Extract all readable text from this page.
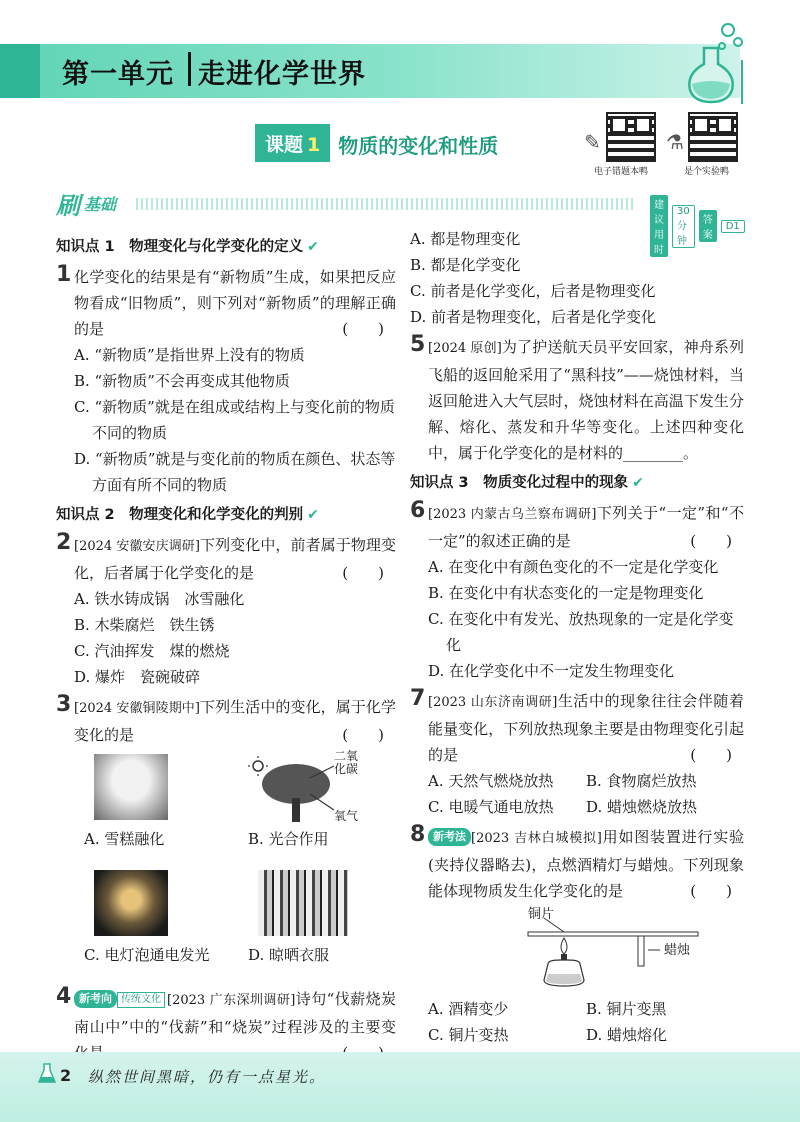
第一单元 走进化学世界
课题 1 物质的变化和性质	✎
电子错题本鸭
⚗
是个实验鸭
刷 基础	建议用时
30 分钟
答案
D1
知识点 1　物理变化与化学变化的定义 ✔
1 化学变化的结果是有“新物质”生成，如果把反应物看成“旧物质”，则下列对“新物质”的理解正确的是	(　　)
A. “新物质”是指世界上没有的物质
B. “新物质”不会再变成其他物质
C. “新物质”就是在组成或结构上与变化前的物质不同的物质
D. “新物质”就是与变化前的物质在颜色、状态等方面有所不同的物质
知识点 2　物理变化和化学变化的判别 ✔
2 [2024 安徽安庆调研]下列变化中，前者属于物理变化，后者属于化学变化的是	(　　)
A. 铁水铸成锅　冰雪融化
B. 木柴腐烂　铁生锈
C. 汽油挥发　煤的燃烧
D. 爆炸　瓷碗破碎
3 [2024 安徽铜陵期中]下列生活中的变化，属于化学变化的是	(　　)
A. 雪糕融化
二氧化碳
氧气
B. 光合作用
C. 电灯泡通电发光	D. 晾晒衣服
4 新考向 传统文化 [2023 广东深圳调研]诗句“伐薪烧炭南山中”中的“伐薪”和“烧炭”过程涉及的主要变
A. 都是物理变化
B. 都是化学变化
C. 前者是化学变化，后者是物理变化
D. 前者是物理变化，后者是化学变化
5 [2024 原创]为了护送航天员平安回家，神舟系列飞船的返回舱采用了“黑科技”——烧蚀材料，当返回舱进入大气层时，烧蚀材料在高温下发生分解、熔化、蒸发和升华等变化。上述四种变化中，属于化学变化的是材料的________。
知识点 3　物质变化过程中的现象 ✔
6 [2023 内蒙古乌兰察布调研]下列关于“一定”和“不一定”的叙述正确的是	(　　)
A. 在变化中有颜色变化的不一定是化学变化
B. 在变化中有状态变化的一定是物理变化
C. 在变化中有发光、放热现象的一定是化学变化
D. 在化学变化中不一定发生物理变化
7 [2023 山东济南调研]生活中的现象往往会伴随着能量变化，下列放热现象主要是由物理变化引起的是	(　　)
A. 天然气燃烧放热	B. 食物腐烂放热
C. 电暖气通电放热	D. 蜡烛燃烧放热
8 新考法 [2023 吉林白城模拟]用如图装置进行实验(夹持仪器略去)，点燃酒精灯与蜡烛。下列现象能体现物质发生化学变化的是	(　　)
铜片
蜡烛
A. 酒精变少	B. 铜片变黑
C. 铜片变热	D. 蜡烛熔化
2 纵然世间黑暗，仍有一点星光。
